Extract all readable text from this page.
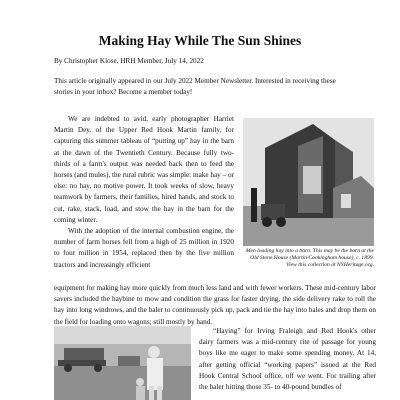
Making Hay While The Sun Shines
By Christopher Klose, HRH Member, July 14, 2022
This article originally appeared in our July 2022 Member Newsletter. Interested in receiving these stories in your inbox? Become a member today!

We are indebted to avid, early photographer Harriet Martin Dey, of the Upper Red Hook Martin family, for capturing this summer tableau of “putting up” hay in the barn at the dawn of the Twentieth Century. Because fully two-thirds of a farm's output was needed back then to feed the horses (and mules), the rural rubric was simple: make hay – or else: no hay, no motive power. It took weeks of slow, heavy teamwork by farmers, their families, hired hands, and stock to cut, rake, stack, load, and stow the hay in the barn for the coming winter.

With the adoption of the internal combustion engine, the number of farm horses fell from a high of 25 million in 1920 to four million in 1954, replaced then by the five million tractors and increasingly efficient

Men loading hay into a barn. This may be the barn at the Old Stone House (Martin/Cookingham house), c. 1899. View this collection at NYHeritage.org.
equipment for making hay more quickly from much less land and with fewer workers. These mid-century labor savers included the haybine to mow and condition the grass for faster drying, the side delivery rake to roll the hay into long windrows, and the baler to continuously pick up, pack and tie the hay into bales and drop them on the field for loading onto wagons; still mostly by hand.

“Haying” for Irving Fraleigh and Red Hook's other dairy farmers was a mid-century rite of passage for young boys like me eager to make some spending money. At 14, after getting official “working papers” issued at the Red Hook Central School office, off we went. For trailing after the baler hitting those 35- to 40-pound bundles of
